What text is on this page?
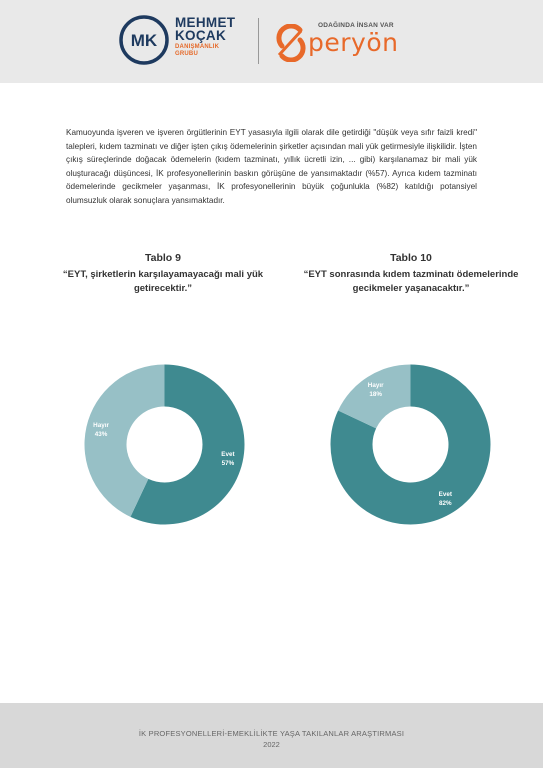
MK
MEHMET
KOÇAK
DANIŞMANLIK
GRUBU
ODAĞINDA İNSAN VAR
peryön

Kamuoyunda işveren ve işveren örgütlerinin EYT yasasıyla ilgili olarak dile getirdiği "düşük veya sıfır faizli kredi" talepleri, kıdem tazminatı ve diğer işten çıkış ödemelerinin şirketler açısından mali yük getirmesiyle ilişkilidir. İşten çıkış süreçlerinde doğacak ödemelerin (kıdem tazminatı, yıllık ücretli izin, ... gibi) karşılanamaz bir mali yük oluşturacağı düşüncesi, İK profesyonellerinin baskın görüşüne de yansımaktadır (%57). Ayrıca kıdem tazminatı ödemelerinde gecikmeler yaşanması, İK profesyonellerinin büyük çoğunlukla (%82) katıldığı potansiyel olumsuzluk olarak sonuçlara yansımaktadır.

Tablo 9

“EYT, şirketlerin karşılayamayacağı mali yük getirecektir.”

Evet
57%
Hayır
43%

Tablo 10

“EYT sonrasında kıdem tazminatı ödemelerinde gecikmeler yaşanacaktır.”

Evet
82%
Hayır
18%
İK PROFESYONELLERİ-EMEKLİLİKTE YAŞA TAKILANLAR ARAŞTIRMASI
2022
